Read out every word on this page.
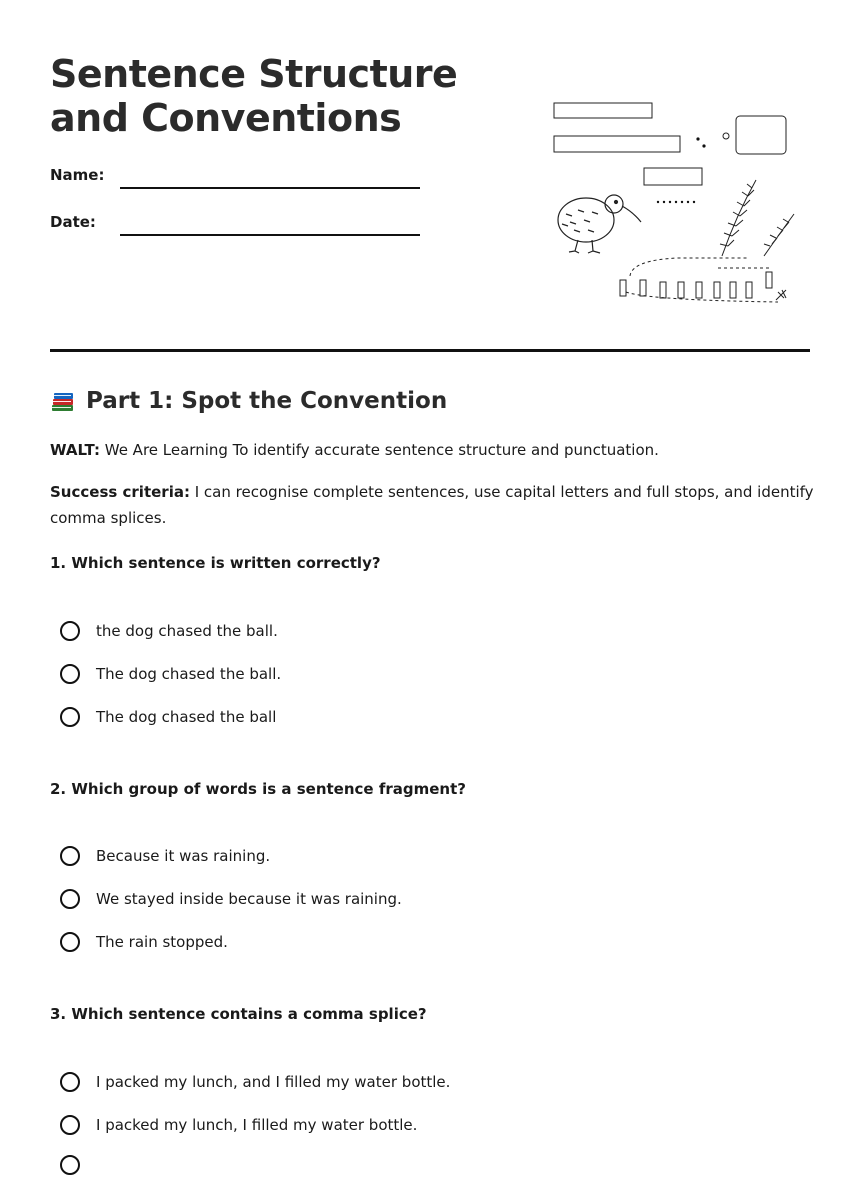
Sentence Structure and Conventions
Name:
Date:
Part 1: Spot the Convention

WALT: We Are Learning To identify accurate sentence structure and punctuation.

Success criteria: I can recognise complete sentences, use capital letters and full stops, and identify comma splices.

1. Which sentence is written correctly?

the dog chased the ball.
The dog chased the ball.
The dog chased the ball

2. Which group of words is a sentence fragment?

Because it was raining.
We stayed inside because it was raining.
The rain stopped.

3. Which sentence contains a comma splice?

I packed my lunch, and I filled my water bottle.
I packed my lunch, I filled my water bottle.
